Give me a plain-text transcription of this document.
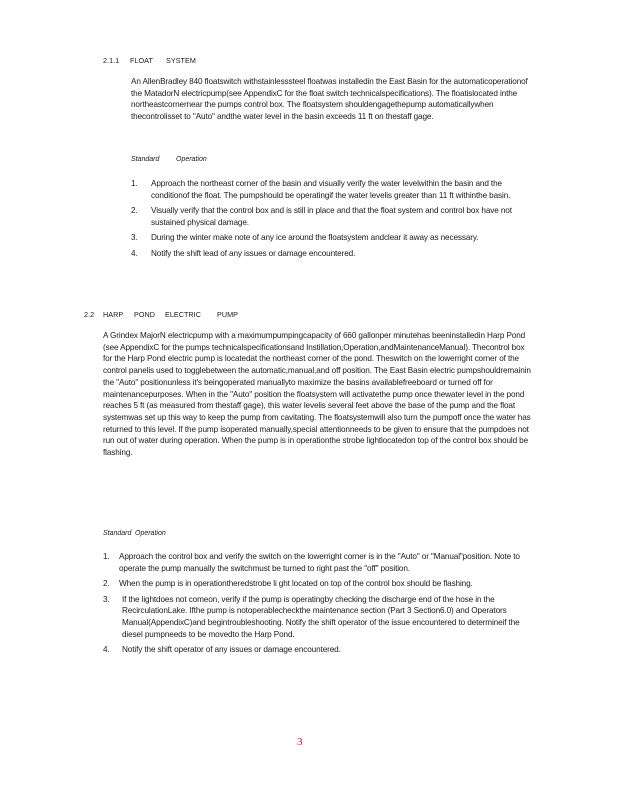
2.1.1 FLOAT SYSTEM
An AllenBradley 840 floatswitch withstainlesssteel floatwas installedin the East Basin for the automaticoperationof the MatadorN electricpump(see AppendixC for the float switch technicalspecifications). The floatislocated inthe northeastcornernear the pumps control box. The floatsystem shouldengagethepump automaticallywhen thecontrolisset to "Auto" andthe water level in the basin exceeds 11 ft on thestaff gage.
Standard Operation
1.	Approach the northeast corner of the basin and visually verify the water levelwithin the basin and the conditionof the float. The pumpshould be operatingif the water levelis greater than 11 ft withinthe basin.
2.	Visually verify that the control box and is still in place and that the float system and control box have not sustained physical damage.
3.	During the winter make note of any ice around the floatsystem andclear it away as necessary.
4.	Notify the shift lead of any issues or damage encountered.
2.2 HARP POND ELECTRIC PUMP
A Grindex MajorN electricpump with a maximumpumpingcapacity of 660 gallonper minutehas beeninstalledin Harp Pond (see AppendixC for the pumps technicalspecificationsand Instillation,Operation,andMaintenanceManual). Thecontrol box for the Harp Pond electric pump is locatedat the northeast corner of the pond. Theswitch on the lowerright corner of the control panelis used to togglebetween the automatic,manual,and off position. The East Basin electric pumpshouldremainin the "Auto" positionunless it's beingoperated manuallyto maximize the basins availablefreeboard or turned off for maintenancepurposes. When in the "Auto" position the floatsystem will activatethe pump once thewater level in the pond reaches 5 ft (as measured from thestaff gage), this water levelis several feet above the base of the pump and the float systemwas set up this way to keep the pump from cavitating. The floatsystemwill also turn the pumpoff once the water has returned to this level. If the pump isoperated manually,special attentionneeds to be given to ensure that the pumpdoes not run out of water during operation. When the pump is in operationthe strobe lightlocatedon top of the control box should be flashing.
Standard Operation
1.	Approach the control box and verify the switch on the lowerright corner is in the "Auto" or "Manual"position. Note to operate the pump manually the switchmust be turned to right past the "off" position.
2.	When the pump is in operationtheredstrobe li ght located on top of the control box should be flashing.
3.	If the lightdoes not comeon, verify if the pump is operatingby checking the discharge end of the hose in the RecirculationLake. Ifthe pump is notoperablecheckthe maintenance section (Part 3 Section6.0) and Operators Manual(AppendixC)and begintroubleshooting. Notify the shift operator of the issue encountered to determineif the diesel pumpneeds to be movedto the Harp Pond.
4.	Notify the shift operator of any issues or damage encountered.
3
